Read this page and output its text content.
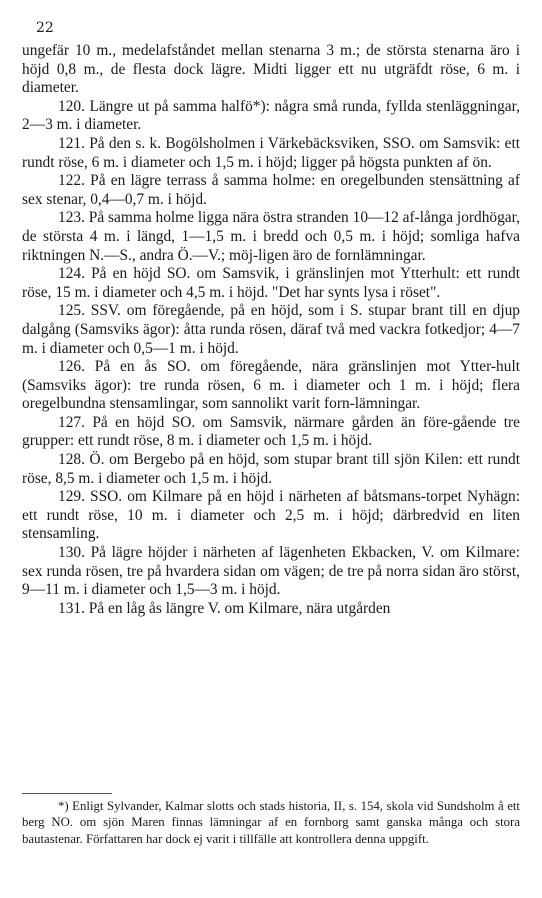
22

ungefär 10 m., medelafståndet mellan stenarna 3 m.; de största stenarna äro i höjd 0,8 m., de flesta dock lägre. Midti ligger ett nu utgräfdt röse, 6 m. i diameter.

120. Längre ut på samma halfö*): några små runda, fyllda stenläggningar, 2—3 m. i diameter.

121. På den s. k. Bogölsholmen i Värkebäcksviken, SSO. om Samsvik: ett rundt röse, 6 m. i diameter och 1,5 m. i höjd; ligger på högsta punkten af ön.

122. På en lägre terrass å samma holme: en oregelbunden stensättning af sex stenar, 0,4—0,7 m. i höjd.

123. På samma holme ligga nära östra stranden 10—12 af-långa jordhögar, de största 4 m. i längd, 1—1,5 m. i bredd och 0,5 m. i höjd; somliga hafva riktningen N.—S., andra Ö.—V.; möj-ligen äro de fornlämningar.

124. På en höjd SO. om Samsvik, i gränslinjen mot Ytterhult: ett rundt röse, 15 m. i diameter och 4,5 m. i höjd. "Det har synts lysa i röset".

125. SSV. om föregående, på en höjd, som i S. stupar brant till en djup dalgång (Samsviks ägor): åtta runda rösen, däraf två med vackra fotkedjor; 4—7 m. i diameter och 0,5—1 m. i höjd.

126. På en ås SO. om föregående, nära gränslinjen mot Ytter-hult (Samsviks ägor): tre runda rösen, 6 m. i diameter och 1 m. i höjd; flera oregelbundna stensamlingar, som sannolikt varit forn-lämningar.

127. På en höjd SO. om Samsvik, närmare gården än före-gående tre grupper: ett rundt röse, 8 m. i diameter och 1,5 m. i höjd.

128. Ö. om Bergebo på en höjd, som stupar brant till sjön Kilen: ett rundt röse, 8,5 m. i diameter och 1,5 m. i höjd.

129. SSO. om Kilmare på en höjd i närheten af båtsmans-torpet Nyhägn: ett rundt röse, 10 m. i diameter och 2,5 m. i höjd; därbredvid en liten stensamling.

130. På lägre höjder i närheten af lägenheten Ekbacken, V. om Kilmare: sex runda rösen, tre på hvardera sidan om vägen; de tre på norra sidan äro störst, 9—11 m. i diameter och 1,5—3 m. i höjd.

131. På en låg ås längre V. om Kilmare, nära utgården

*) Enligt Sylvander, Kalmar slotts och stads historia, II, s. 154, skola vid Sundsholm å ett berg NO. om sjön Maren finnas lämningar af en fornborg samt ganska många och stora bautastenar. Författaren har dock ej varit i tillfälle att kontrollera denna uppgift.
